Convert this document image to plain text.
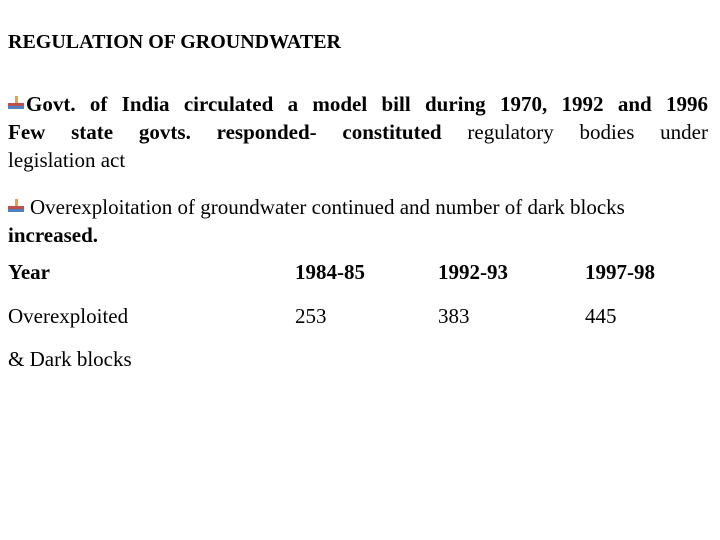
REGULATION OF GROUNDWATER
Govt. of India circulated a model bill during 1970, 1992 and 1996
Few state govts. responded- constituted regulatory bodies under
legislation act
Overexploitation of groundwater continued and number of dark blocks
increased.
Year	1984-85	1992-93	1997-98
Overexploited	253	383	445
& Dark blocks
